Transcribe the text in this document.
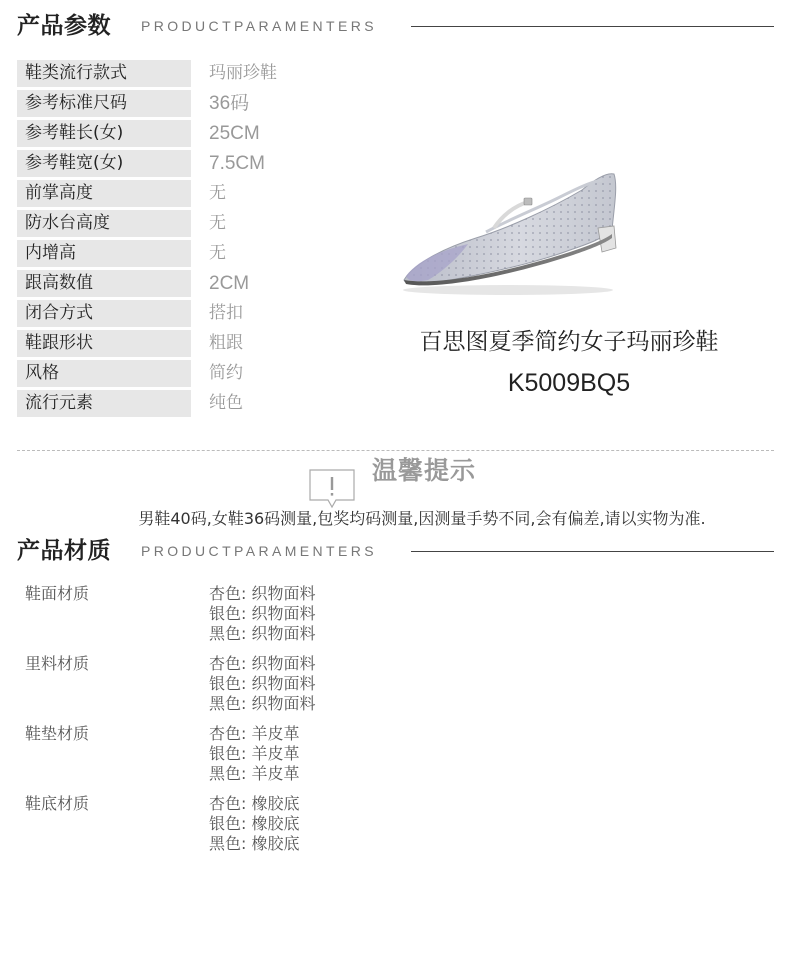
产品参数 PRODUCTPARAMENTERS
鞋类流行款式	玛丽珍鞋
参考标准尺码	36码
参考鞋长(女)	25CM
参考鞋宽(女)	7.5CM
前掌高度	无
防水台高度	无
内增高	无
跟高数值	2CM
闭合方式	搭扣
鞋跟形状	粗跟
风格	简约
流行元素	纯色
百思图夏季简约女子玛丽珍鞋
K5009BQ5
温馨提示
男鞋40码,女鞋36码测量,包奖均码测量,因测量手势不同,会有偏差,请以实物为准.
产品材质 PRODUCTPARAMENTERS
鞋面材质	杏色: 织物面料
银色: 织物面料
黑色: 织物面料
里料材质	杏色: 织物面料
银色: 织物面料
黑色: 织物面料
鞋垫材质	杏色: 羊皮革
银色: 羊皮革
黑色: 羊皮革
鞋底材质	杏色: 橡胶底
银色: 橡胶底
黑色: 橡胶底
